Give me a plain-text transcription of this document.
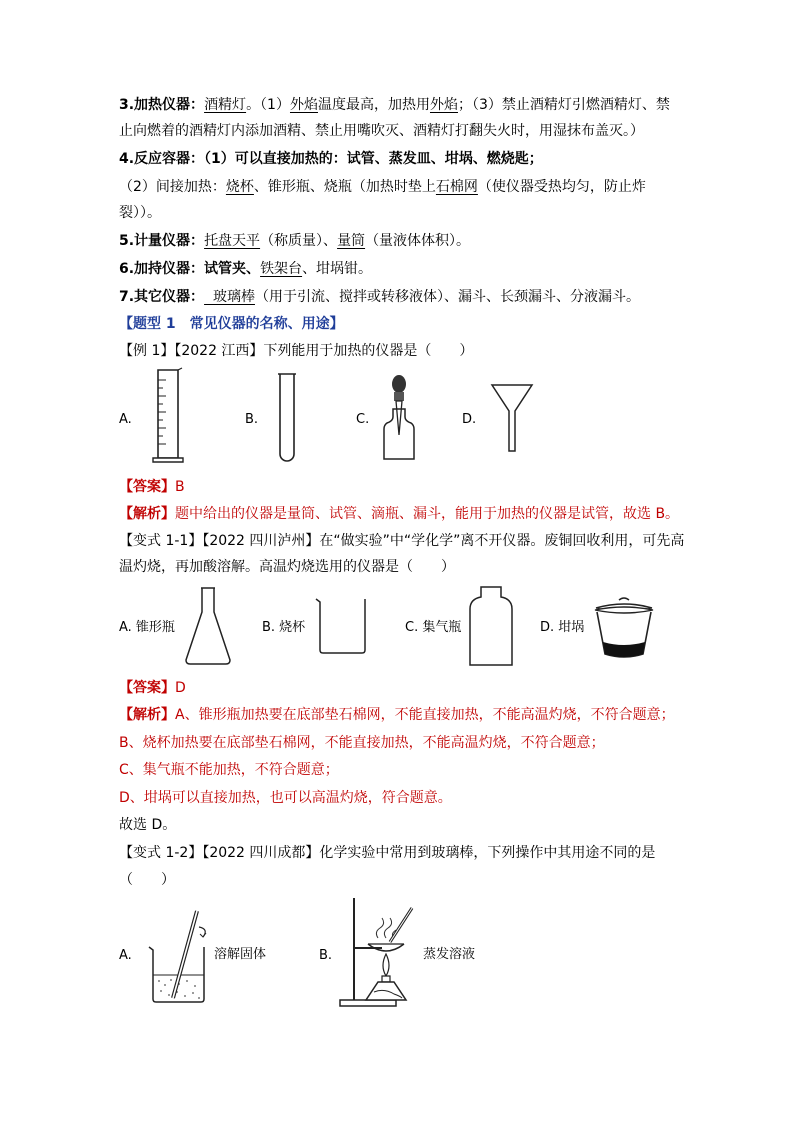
3.加热仪器：酒精灯。（1）外焰温度最高，加热用外焰；（3）禁止酒精灯引燃酒精灯、禁
止向燃着的酒精灯内添加酒精、禁止用嘴吹灭、酒精灯打翻失火时，用湿抹布盖灭。）
4.反应容器：（1）可以直接加热的：试管、蒸发皿、坩埚、燃烧匙；
（2）间接加热：烧杯、锥形瓶、烧瓶（加热时垫上石棉网（使仪器受热均匀，防止炸
裂））。
5.计量仪器：托盘天平（称质量）、量筒（量液体体积）。
6.加持仪器：试管夹、铁架台、坩埚钳。
7.其它仪器：  玻璃棒（用于引流、搅拌或转移液体）、漏斗、长颈漏斗、分液漏斗。
【题型 1　常见仪器的名称、用途】
【例 1】【2022 江西】下列能用于加热的仪器是（　　）
A.	B.	C.	D.
【答案】B
【解析】题中给出的仪器是量筒、试管、滴瓶、漏斗，能用于加热的仪器是试管，故选 B。
【变式 1-1】【2022 四川泸州】在“做实验”中“学化学”离不开仪器。废铜回收利用，可先高
温灼烧，再加酸溶解。高温灼烧选用的仪器是（　　）
A. 锥形瓶	B. 烧杯	C. 集气瓶	D. 坩埚
【答案】D
【解析】A、锥形瓶加热要在底部垫石棉网，不能直接加热，不能高温灼烧，不符合题意；
B、烧杯加热要在底部垫石棉网，不能直接加热，不能高温灼烧，不符合题意；
C、集气瓶不能加热，不符合题意；
D、坩埚可以直接加热，也可以高温灼烧，符合题意。
故选 D。
【变式 1-2】【2022 四川成都】化学实验中常用到玻璃棒，下列操作中其用途不同的是
（　　）
A.	溶解固体	B.	蒸发溶液
